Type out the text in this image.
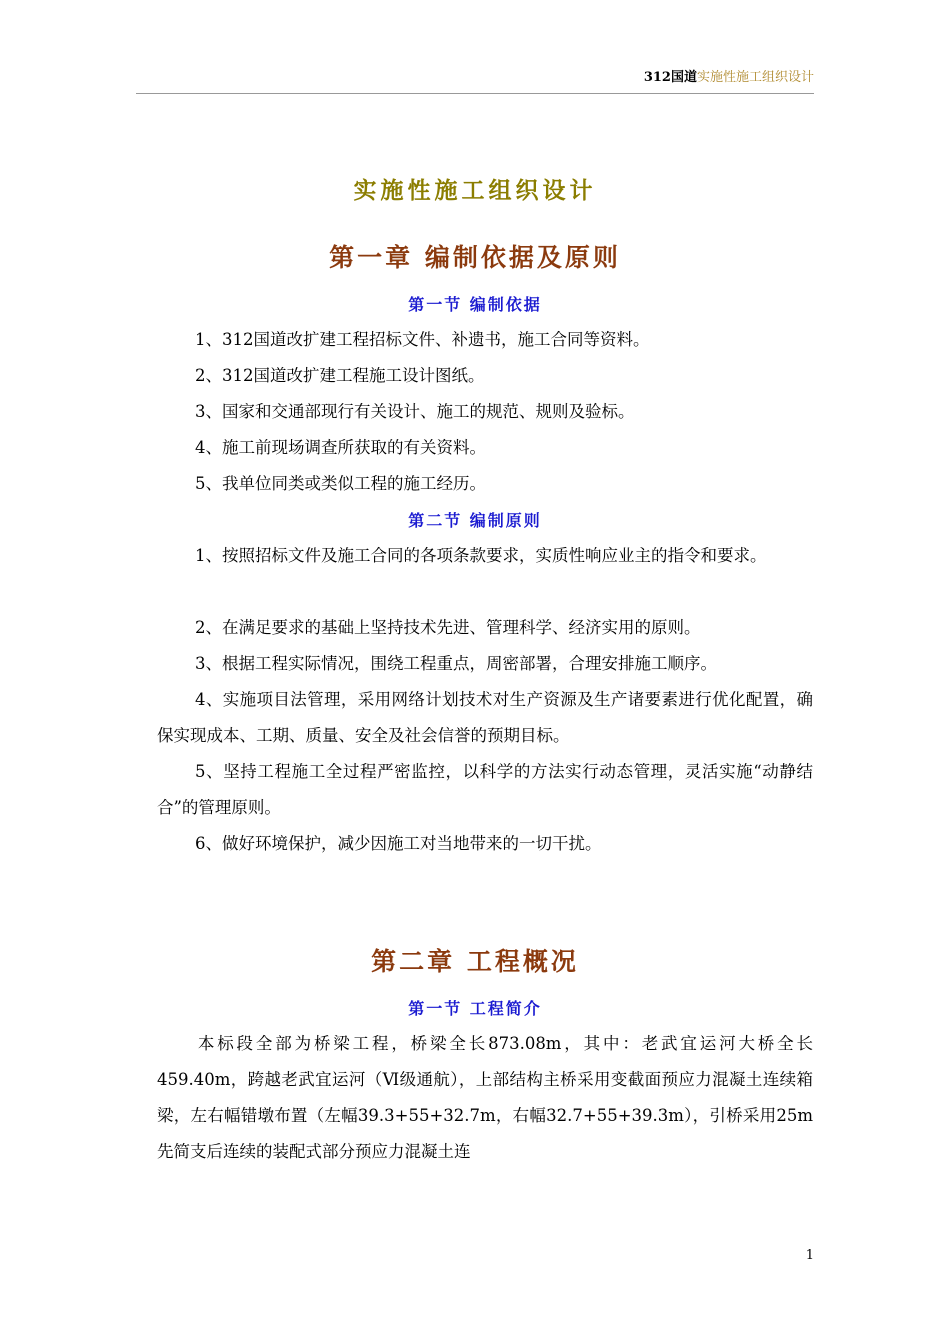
312国道实施性施工组织设计
实施性施工组织设计
第一章 编制依据及原则
第一节 编制依据
1、312国道改扩建工程招标文件、补遗书，施工合同等资料。
2、312国道改扩建工程施工设计图纸。
3、国家和交通部现行有关设计、施工的规范、规则及验标。
4、施工前现场调查所获取的有关资料。
5、我单位同类或类似工程的施工经历。
第二节 编制原则
1、按照招标文件及施工合同的各项条款要求，实质性响应业主的指令和要求。
2、在满足要求的基础上坚持技术先进、管理科学、经济实用的原则。
3、根据工程实际情况，围绕工程重点，周密部署，合理安排施工顺序。
4、实施项目法管理，采用网络计划技术对生产资源及生产诸要素进行优化配置，确保实现成本、工期、质量、安全及社会信誉的预期目标。
5、坚持工程施工全过程严密监控，以科学的方法实行动态管理，灵活实施“动静结合”的管理原则。
6、做好环境保护，减少因施工对当地带来的一切干扰。
第二章 工程概况
第一节 工程简介
本标段全部为桥梁工程，桥梁全长873.08m，其中：老武宜运河大桥全长459.40m，跨越老武宜运河（Ⅵ级通航），上部结构主桥采用变截面预应力混凝土连续箱梁，左右幅错墩布置（左幅39.3+55+32.7m，右幅32.7+55+39.3m），引桥采用25m先简支后连续的装配式部分预应力混凝土连
1
